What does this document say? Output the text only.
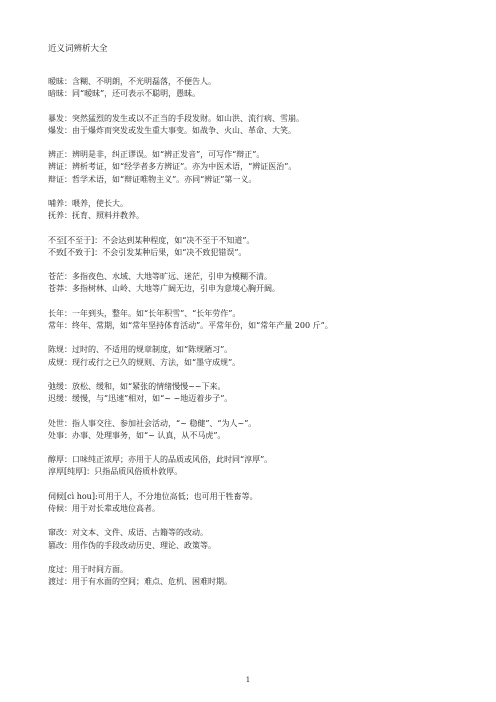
近义词辨析大全
暧昧：含糊、不明朗，不光明磊落，不便告人。
暗昧：同“暧昧”，还可表示不聪明，愚昧。
暴发：突然猛烈的发生或以不正当的手段发财。如山洪、流行病、雪崩。
爆发：由于爆炸而突发或发生重大事变。如战争、火山、革命、大笑。
辨正：辨明是非，纠正谬误。如“辨正发音”，可写作“辩正”。
辨证：辨析考证，如“经学者多方辨证”。亦为中医术语，“辨证医治”。
辩证：哲学术语，如“辩证唯物主义”。亦同“辨证”第一义。
哺养：喂养，使长大。
抚养：抚育、照料并教养。
不至[不至于]：不会达到某种程度，如“决不至于不知道”。
不致[不致于]：不会引发某种后果，如“决不致犯错误”。
苍茫：多指夜色、水域、大地等旷远、迷茫，引申为模糊不清。
苍莽：多指树林、山岭、大地等广阔无边，引申为意境心胸开阔。
长年：一年到头，整年。如“长年积雪”、“长年劳作”。
常年：终年、常期，如“常年坚持体育活动”。平常年份，如“常年产量 200 斤”。
陈规：过时的、不适用的规章制度，如“陈规陋习”。
成规：现行或行之已久的规则、方法，如“墨守成规”。
弛缓：放松、缓和，如“紧张的情绪慢慢~~下来。
迟缓：缓慢，与”迅速”相对，如“~ ~地迈着步子”。
处世：指人事交往、参加社会活动，“~ 稳健”、“为人~”。
处事：办事、处理事务，如“~ 认真，从不马虎”。
醇厚：口味纯正浓厚；亦用于人的品质或风俗，此时同“淳厚”。
淳厚[纯厚]：只指品质风俗质朴敦厚。
伺候[cì hou]:可用于人，不分地位高低；也可用于牲畜等。
侍候：用于对长辈或地位高者。
窜改：对文本、文件、成语、古籍等的改动。
篡改：用作伪的手段改动历史、理论、政策等。
度过：用于时间方面。
渡过：用于有水面的空间；难点、危机、困难时期。
1
